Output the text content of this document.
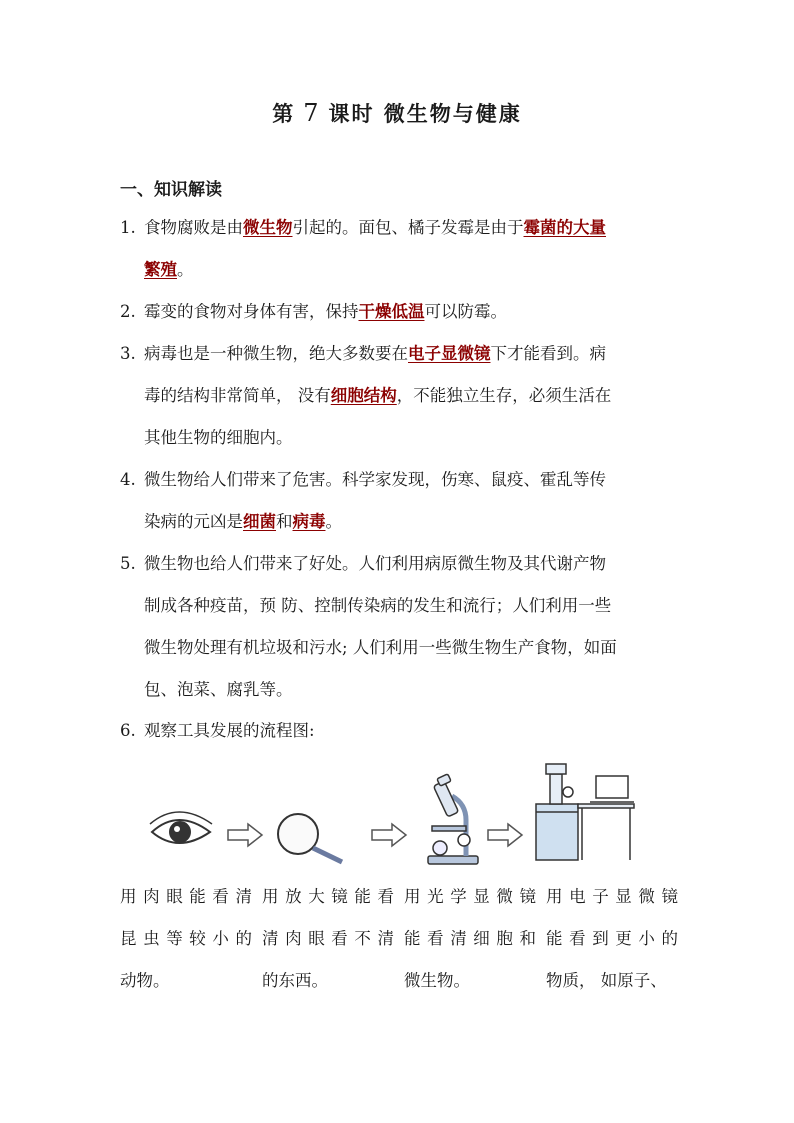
第 7 课时 微生物与健康
一、知识解读
1. 食物腐败是由微生物引起的。面包、橘子发霉是由于霉菌的大量
繁殖。
2. 霉变的食物对身体有害，保持干燥低温可以防霉。
3. 病毒也是一种微生物，绝大多数要在电子显微镜下才能看到。病
毒的结构非常简单， 没有细胞结构，不能独立生存，必须生活在
其他生物的细胞内。
4. 微生物给人们带来了危害。科学家发现，伤寒、鼠疫、霍乱等传
染病的元凶是细菌和病毒。
5. 微生物也给人们带来了好处。人们利用病原微生物及其代谢产物
制成各种疫苗，预 防、控制传染病的发生和流行；人们利用一些
微生物处理有机垃圾和污水; 人们利用一些微生物生产食物，如面
包、泡菜、腐乳等。
6. 观察工具发展的流程图:
用肉眼能看清
昆虫等较小的
动物。
用放大镜能看
清肉眼看不清
的东西。
用光学显微镜
能看清细胞和
微生物。
用电子显微镜
能看到更小的
物质， 如原子、
